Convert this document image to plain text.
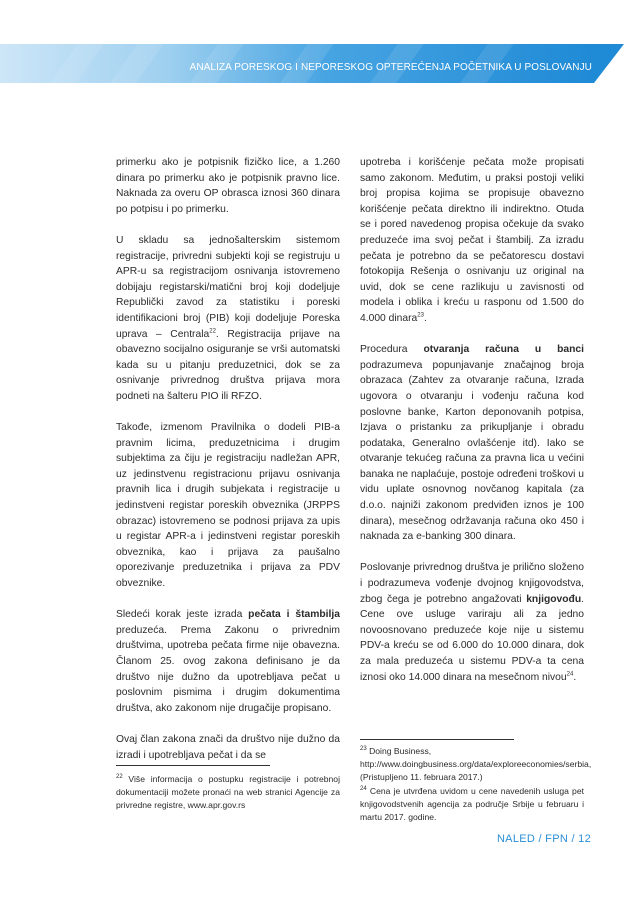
ANALIZA PORESKOG I NEPORESKOG OPTEREĆENJA POČETNIKA U POSLOVANJU

primerku ako je potpisnik fizičko lice, a 1.260 dinara po primerku ako je potpisnik pravno lice. Naknada za overu OP obrasca iznosi 360 dinara po potpisu i po primerku.

U skladu sa jednošalterskim sistemom registracije, privredni subjekti koji se registruju u APR-u sa registracijom osnivanja istovremeno dobijaju registarski/matični broj koji dodeljuje Republički zavod za statistiku i poreski identifikacioni broj (PIB) koji dodeljuje Poreska uprava – Centrala$^{22}$. Registracija prijave na obavezno socijalno osiguranje se vrši automatski kada su u pitanju preduzetnici, dok se za osnivanje privrednog društva prijava mora podneti na šalteru PIO ili RFZO.

Takođe, izmenom Pravilnika o dodeli PIB-a pravnim licima, preduzetnicima i drugim subjektima za čiju je registraciju nadležan APR, uz jedinstvenu registracionu prijavu osnivanja pravnih lica i drugih subjekata i registracije u jedinstveni registar poreskih obveznika (JRPPS obrazac) istovremeno se podnosi prijava za upis u registar APR-a i jedinstveni registar poreskih obveznika, kao i prijava za paušalno oporezivanje preduzetnika i prijava za PDV obveznike.

Sledeći korak jeste izrada pečata i štambilja preduzeća. Prema Zakonu o privrednim društvima, upotreba pečata firme nije obavezna. Članom 25. ovog zakona definisano je da društvo nije dužno da upotrebljava pečat u poslovnim pismima i drugim dokumentima društva, ako zakonom nije drugačije propisano.

Ovaj član zakona znači da društvo nije dužno da izradi i upotrebljava pečat i da se

upotreba i korišćenje pečata može propisati samo zakonom. Međutim, u praksi postoji veliki broj propisa kojima se propisuje obavezno korišćenje pečata direktno ili indirektno. Otuda se i pored navedenog propisa očekuje da svako preduzeće ima svoj pečat i štambilj. Za izradu pečata je potrebno da se pečatorescu dostavi fotokopija Rešenja o osnivanju uz original na uvid, dok se cene razlikuju u zavisnosti od modela i oblika i kreću u rasponu od 1.500 do 4.000 dinara$^{23}$.

Procedura otvaranja računa u banci podrazumeva popunjavanje značajnog broja obrazaca (Zahtev za otvaranje računa, Izrada ugovora o otvaranju i vođenju računa kod poslovne banke, Karton deponovanih potpisa, Izjava o pristanku za prikupljanje i obradu podataka, Generalno ovlašćenje itd). Iako se otvaranje tekućeg računa za pravna lica u većini banaka ne naplaćuje, postoje određeni troškovi u vidu uplate osnovnog novčanog kapitala (za d.o.o. najniži zakonom predviđen iznos je 100 dinara), mesečnog održavanja računa oko 450 i naknada za e-banking 300 dinara.

Poslovanje privrednog društva je prilično složeno i podrazumeva vođenje dvojnog knjigovodstva, zbog čega je potrebno angažovati knjigovođu. Cene ove usluge variraju ali za jedno novoosnovano preduzeće koje nije u sistemu PDV-a kreću se od 6.000 do 10.000 dinara, dok za mala preduzeća u sistemu PDV-a ta cena iznosi oko 14.000 dinara na mesečnom nivou$^{24}$.

$^{22}$ Više informacija o postupku registracije i potrebnoj dokumentaciji možete pronaći na web stranici Agencije za privredne registre, www.apr.gov.rs

$^{23}$ Doing Business,

http://www.doingbusiness.org/data/exploreeconomies/serbia, (Pristupljeno 11. februara 2017.)

$^{24}$ Cena je utvrđena uvidom u cene navedenih usluga pet knjigovodstvenih agencija za područje Srbije u februaru i martu 2017. godine.

NALED / FPN / 12
